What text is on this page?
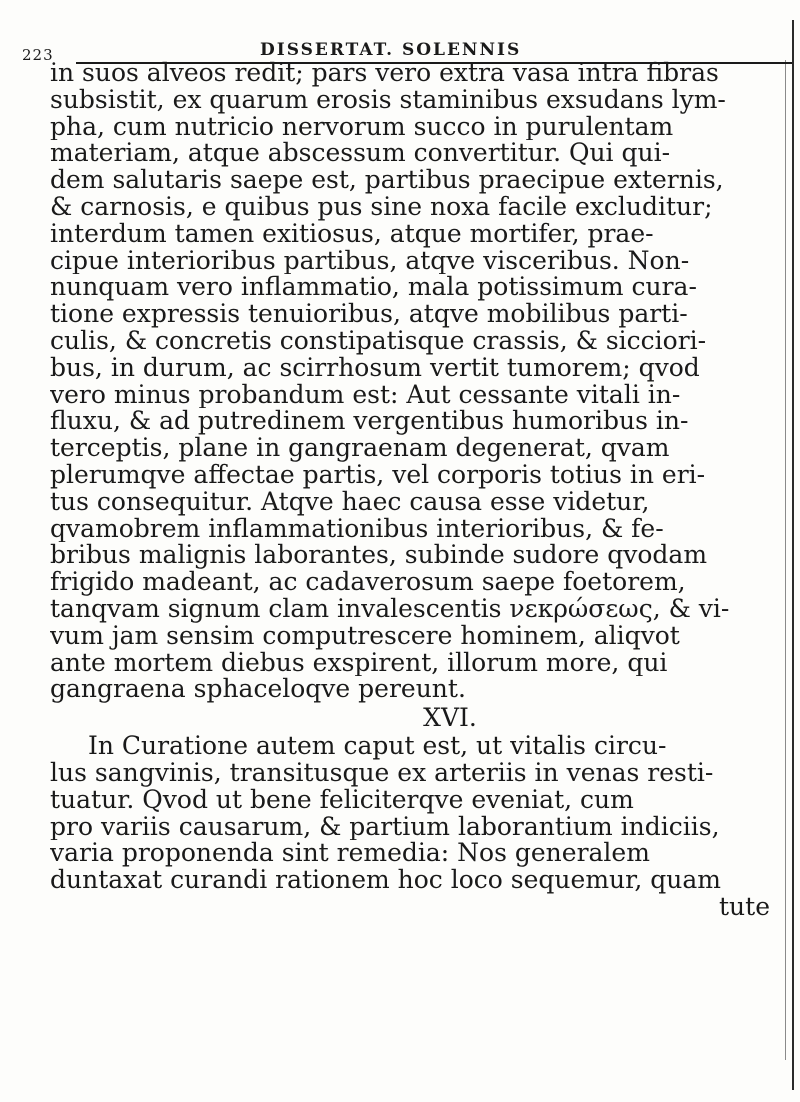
223	DISSERTAT. SOLENNIS
in suos alveos redit; pars vero extra vasa intra fibras
subsistit, ex quarum erosis staminibus exsudans lym-
pha, cum nutricio nervorum succo in purulentam
materiam, atque abscessum convertitur. Qui qui-
dem salutaris saepe est, partibus praecipue externis,
& carnosis, e quibus pus sine noxa facile excluditur;
interdum tamen exitiosus, atque mortifer, prae-
cipue interioribus partibus, atqve visceribus. Non-
nunquam vero inflammatio, mala potissimum cura-
tione expressis tenuioribus, atqve mobilibus parti-
culis, & concretis constipatisque crassis, & sicciori-
bus, in durum, ac scirrhosum vertit tumorem; qvod
vero minus probandum est: Aut cessante vitali in-
fluxu, & ad putredinem vergentibus humoribus in-
terceptis, plane in gangraenam degenerat, qvam
plerumqve affectae partis, vel corporis totius in eri-
tus consequitur. Atqve haec causa esse videtur,
qvamobrem inflammationibus interioribus, & fe-
bribus malignis laborantes, subinde sudore qvodam
frigido madeant, ac cadaverosum saepe foetorem,
tanqvam signum clam invalescentis νεκρώσεως, & vi-
vum jam sensim computrescere hominem, aliqvot
ante mortem diebus exspirent, illorum more, qui
gangraena sphaceloqve pereunt.
XVI.
In Curatione autem caput est, ut vitalis circu-
lus sangvinis, transitusque ex arteriis in venas resti-
tuatur. Qvod ut bene feliciterqve eveniat, cum
pro variis causarum, & partium laborantium indiciis,
varia proponenda sint remedia: Nos generalem
duntaxat curandi rationem hoc loco sequemur, quam
tute
